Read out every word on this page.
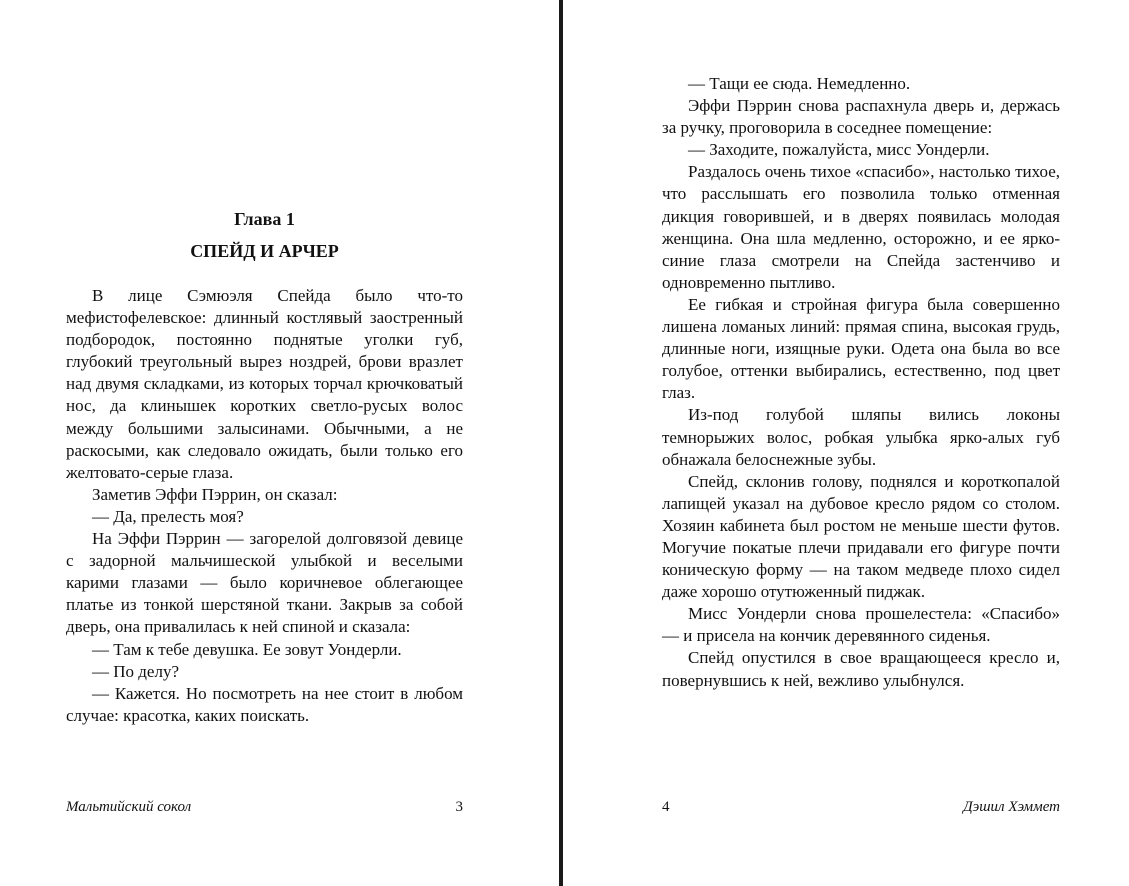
Глава 1
СПЕЙД И АРЧЕР

В лице Сэмюэля Спейда было что-то мефистофелевское: длинный костлявый заостренный подбородок, постоянно поднятые уголки губ, глубокий треугольный вырез ноздрей, брови вразлет над двумя складками, из которых торчал крючковатый нос, да клинышек коротких светло-русых волос между большими залысинами. Обычными, а не раскосыми, как следовало ожидать, были только его желтовато-серые глаза.

Заметив Эффи Пэррин, он сказал:

— Да, прелесть моя?

На Эффи Пэррин — загорелой долговязой девице с задорной мальчишеской улыбкой и веселыми карими глазами — было коричневое облегающее платье из тонкой шерстяной ткани. Закрыв за собой дверь, она привалилась к ней спиной и сказала:

— Там к тебе девушка. Ее зовут Уондерли.

— По делу?

— Кажется. Но посмотреть на нее стоит в любом случае: красотка, каких поискать.

Мальтийский сокол	3

— Тащи ее сюда. Немедленно.

Эффи Пэррин снова распахнула дверь и, держась за ручку, проговорила в соседнее помещение:

— Заходите, пожалуйста, мисс Уондерли.

Раздалось очень тихое «спасибо», настолько тихое, что расслышать его позволила только отменная дикция говорившей, и в дверях появилась молодая женщина. Она шла медленно, осторожно, и ее ярко-синие глаза смотрели на Спейда застенчиво и одновременно пытливо.

Ее гибкая и стройная фигура была совершенно лишена ломаных линий: прямая спина, высокая грудь, длинные ноги, изящные руки. Одета она была во все голубое, оттенки выбирались, естественно, под цвет глаз.

Из-под голубой шляпы вились локоны темнорыжих волос, робкая улыбка ярко-алых губ обнажала белоснежные зубы.

Спейд, склонив голову, поднялся и короткопалой лапищей указал на дубовое кресло рядом со столом. Хозяин кабинета был ростом не меньше шести футов. Могучие покатые плечи придавали его фигуре почти коническую форму — на таком медведе плохо сидел даже хорошо отутюженный пиджак.

Мисс Уондерли снова прошелестела: «Спасибо» — и присела на кончик деревянного сиденья.

Спейд опустился в свое вращающееся кресло и, повернувшись к ней, вежливо улыбнулся.

4	Дэшил Хэммет
